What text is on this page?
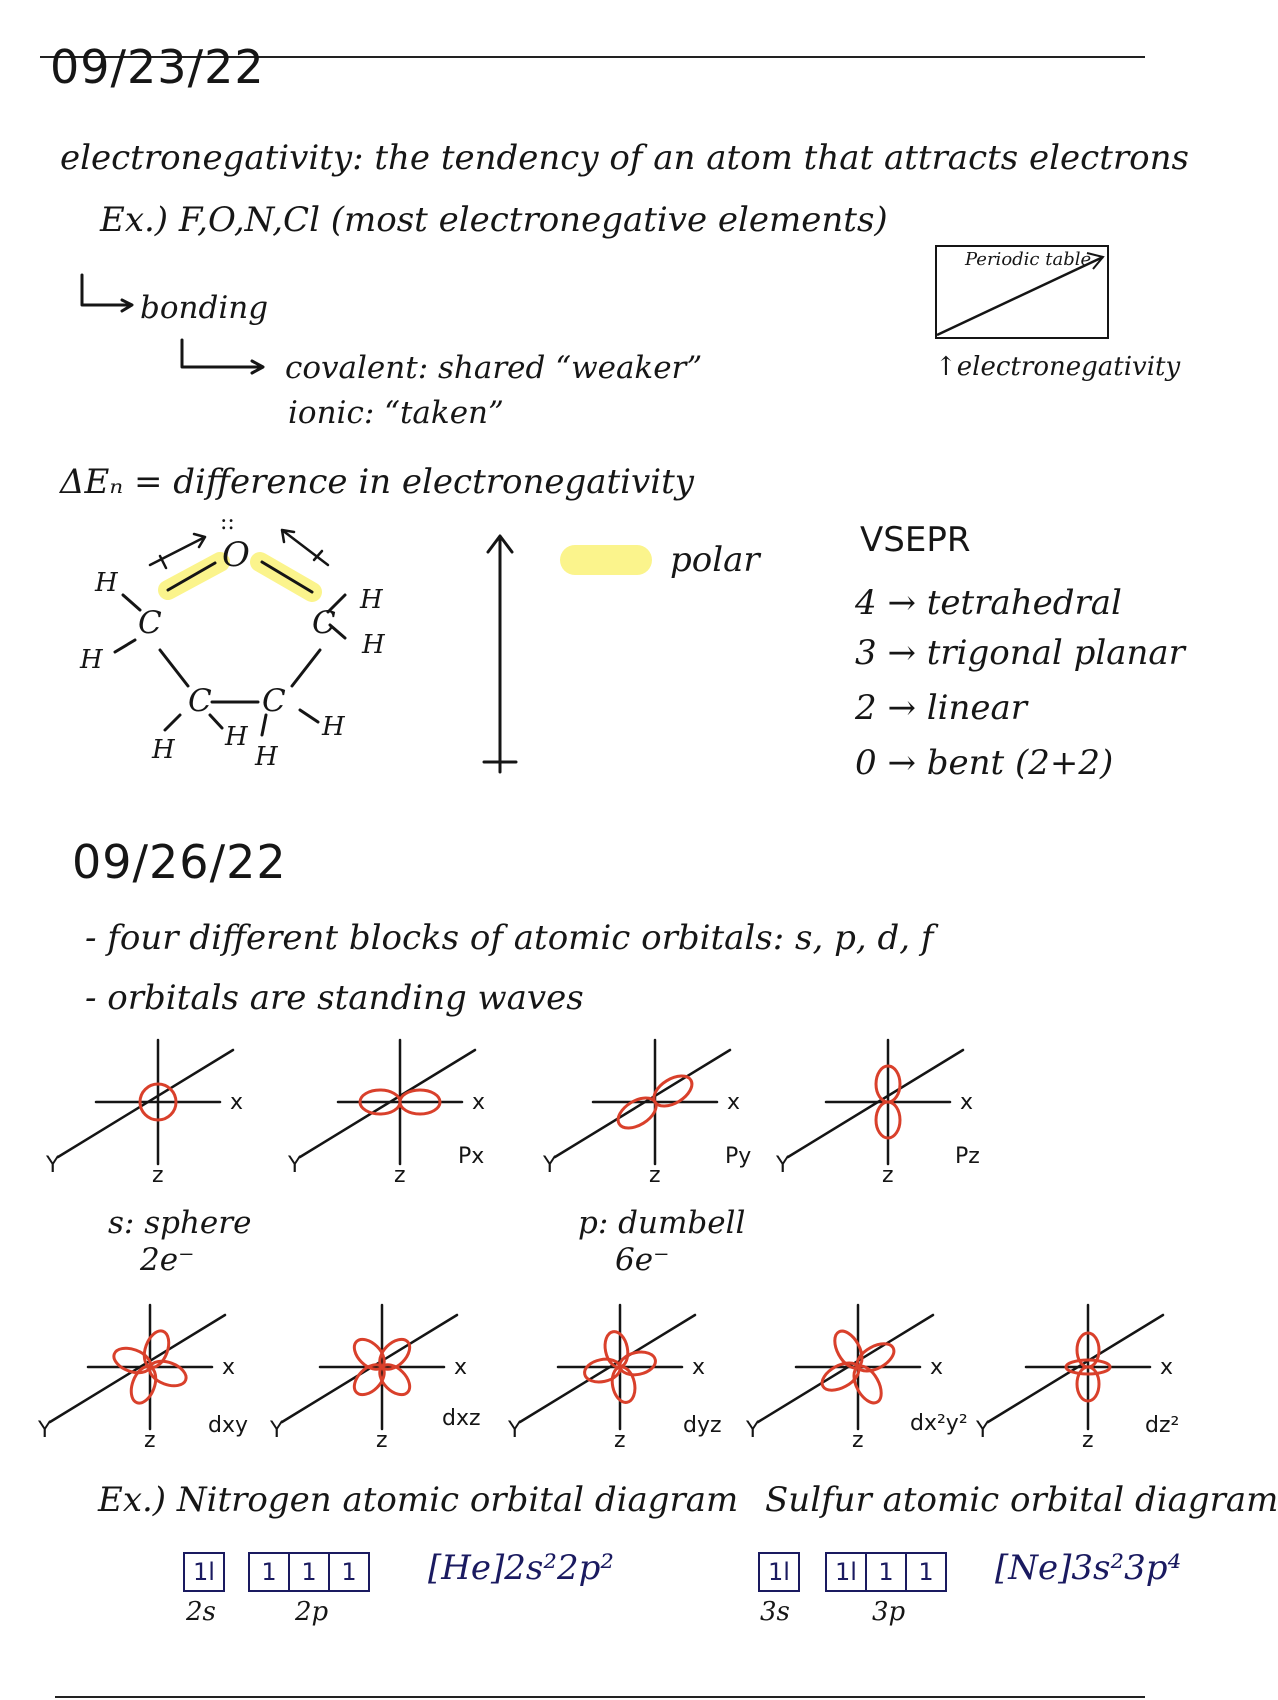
09/23/22
electronegativity: the tendency of an atom that attracts electrons
Ex.) F,O,N,Cl (most electronegative elements)
bonding
covalent: shared “weaker”
ionic: “taken”
ΔEₙ = difference in electronegativity
Periodic table
↑electronegativity
O
::
C	C
C C
H
H
H
H
H H
H
H
polar	VSEPR
4 → tetrahedral
3 → trigonal planar
2 → linear
0 → bent (2+2)
09/26/22
- four different blocks of atomic orbitals: s, p, d, f
- orbitals are standing waves
x
Y	z
x
Y	z
x
Y	z
x
Y	z
Px	Py	Pz
x
Y	z
x
Y	z
x
Y	z
x
Y	z
x
Y	z
dxy	dxz	dyz	dx²y²	dz²
s: sphere
2e⁻
p: dumbell
6e⁻
Ex.) Nitrogen atomic orbital diagram Sulfur atomic orbital diagram
1l	1	1	1	[He]2s²2p²
2s	2p
1l	1l 1	1	[Ne]3s²3p⁴
3s	3p
